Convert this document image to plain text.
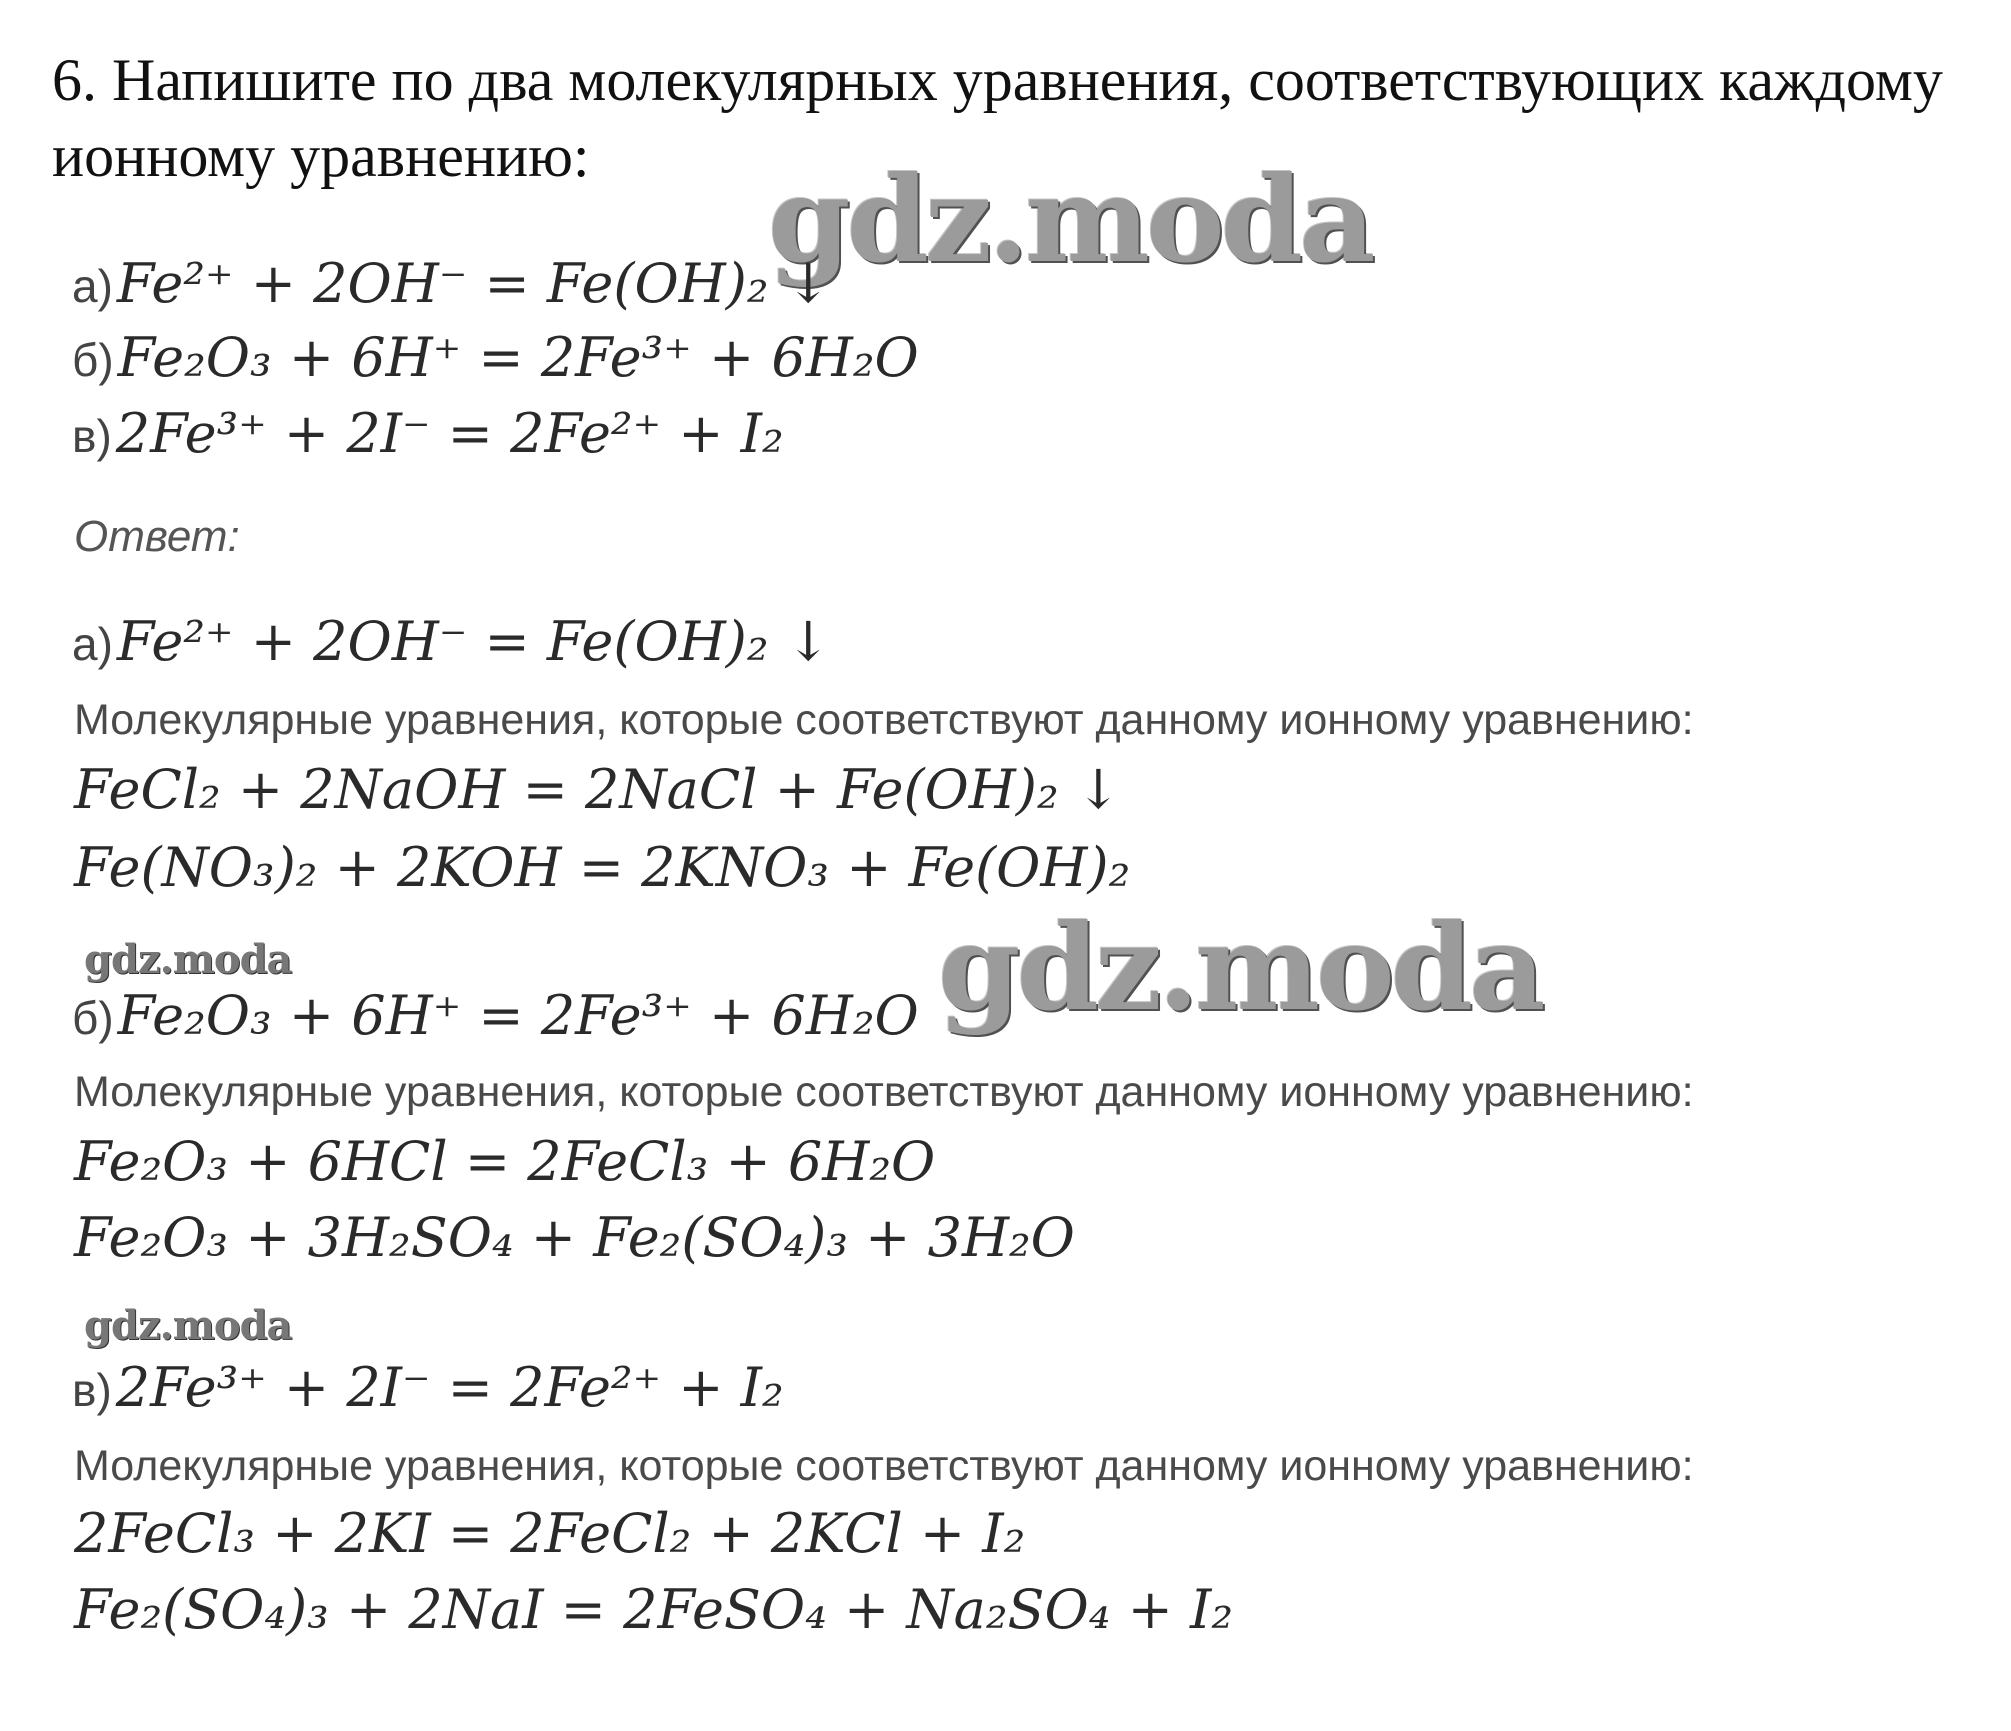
6. Напишите по два молекулярных уравнения, соответствующих каждому ионному уравнению:	gdz.moda
gdz.moda
gdz.moda
gdz.moda
а) Fe²⁺ + 2OH⁻ = Fe(OH)₂ ↓
б) Fe₂O₃ + 6H⁺ = 2Fe³⁺ + 6H₂O
в) 2Fe³⁺ + 2I⁻ = 2Fe²⁺ + I₂
Ответ:
а) Fe²⁺ + 2OH⁻ = Fe(OH)₂ ↓
Молекулярные уравнения, которые соответствуют данному ионному уравнению:
FeCl₂ + 2NaOH = 2NaCl + Fe(OH)₂ ↓
Fe(NO₃)₂ + 2KOH = 2KNO₃ + Fe(OH)₂
б) Fe₂O₃ + 6H⁺ = 2Fe³⁺ + 6H₂O
Молекулярные уравнения, которые соответствуют данному ионному уравнению:
Fe₂O₃ + 6HCl = 2FeCl₃ + 6H₂O
Fe₂O₃ + 3H₂SO₄ + Fe₂(SO₄)₃ + 3H₂O
в) 2Fe³⁺ + 2I⁻ = 2Fe²⁺ + I₂
Молекулярные уравнения, которые соответствуют данному ионному уравнению:
2FeCl₃ + 2KI = 2FeCl₂ + 2KCl + I₂
Fe₂(SO₄)₃ + 2NaI = 2FeSO₄ + Na₂SO₄ + I₂
